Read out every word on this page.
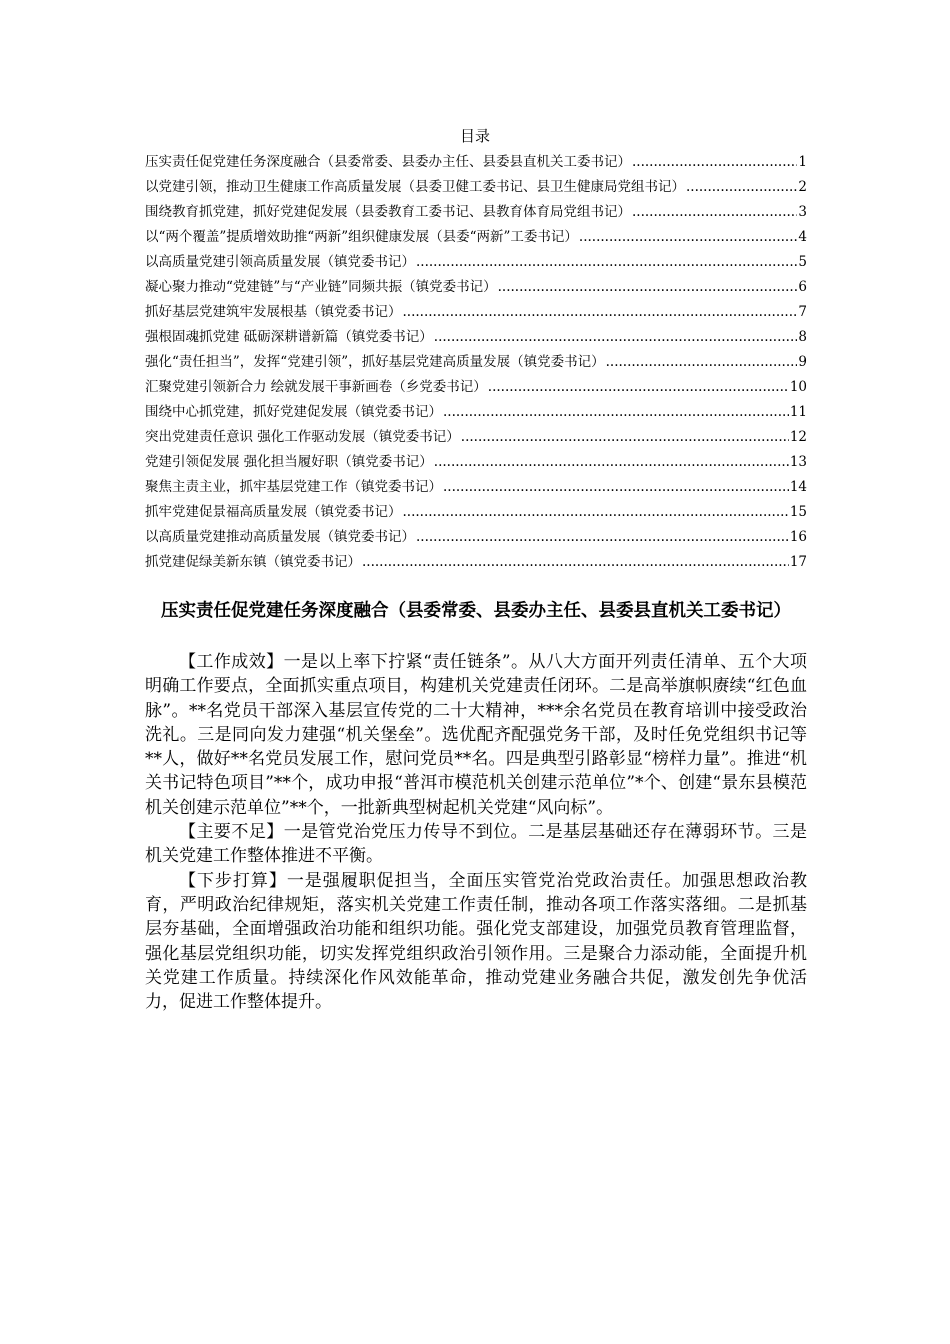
目录
压实责任促党建任务深度融合（县委常委、县委办主任、县委县直机关工委书记） .....	1
以党建引领，推动卫生健康工作高质量发展（县委卫健工委书记、县卫生健康局党组书记） .....	2
围绕教育抓党建，抓好党建促发展（县委教育工委书记、县教育体育局党组书记） .....	3
以“两个覆盖”提质增效助推“两新”组织健康发展（县委“两新”工委书记） .....	4
以高质量党建引领高质量发展（镇党委书记） .....	5
凝心聚力推动“党建链”与“产业链”同频共振（镇党委书记） .....	6
抓好基层党建筑牢发展根基（镇党委书记） .....	7
强根固魂抓党建 砥砺深耕谱新篇（镇党委书记） .....	8
强化“责任担当”，发挥“党建引领”，抓好基层党建高质量发展（镇党委书记） .....	9
汇聚党建引领新合力 绘就发展干事新画卷（乡党委书记） .....	10
围绕中心抓党建，抓好党建促发展（镇党委书记） .....	11
突出党建责任意识 强化工作驱动发展（镇党委书记） .....	12
党建引领促发展 强化担当履好职（镇党委书记） .....	13
聚焦主责主业，抓牢基层党建工作（镇党委书记） .....	14
抓牢党建促景福高质量发展（镇党委书记） .....	15
以高质量党建推动高质量发展（镇党委书记） .....	16
抓党建促绿美新东镇（镇党委书记） .....	17
压实责任促党建任务深度融合（县委常委、县委办主任、县委县直机关工委书记）

【工作成效】一是以上率下拧紧“责任链条”。从八大方面开列责任清单、五个大项明确工作要点，全面抓实重点项目，构建机关党建责任闭环。二是高举旗帜赓续“红色血脉”。**名党员干部深入基层宣传党的二十大精神，***余名党员在教育培训中接受政治洗礼。三是同向发力建强“机关堡垒”。选优配齐配强党务干部，及时任免党组织书记等**人，做好**名党员发展工作，慰问党员**名。四是典型引路彰显“榜样力量”。推进“机关书记特色项目”**个，成功申报“普洱市模范机关创建示范单位”*个、创建“景东县模范机关创建示范单位”**个，一批新典型树起机关党建“风向标”。

【主要不足】一是管党治党压力传导不到位。二是基层基础还存在薄弱环节。三是机关党建工作整体推进不平衡。

【下步打算】一是强履职促担当，全面压实管党治党政治责任。加强思想政治教育，严明政治纪律规矩，落实机关党建工作责任制，推动各项工作落实落细。二是抓基层夯基础，全面增强政治功能和组织功能。强化党支部建设，加强党员教育管理监督，强化基层党组织功能，切实发挥党组织政治引领作用。三是聚合力添动能，全面提升机关党建工作质量。持续深化作风效能革命，推动党建业务融合共促，激发创先争优活力，促进工作整体提升。
